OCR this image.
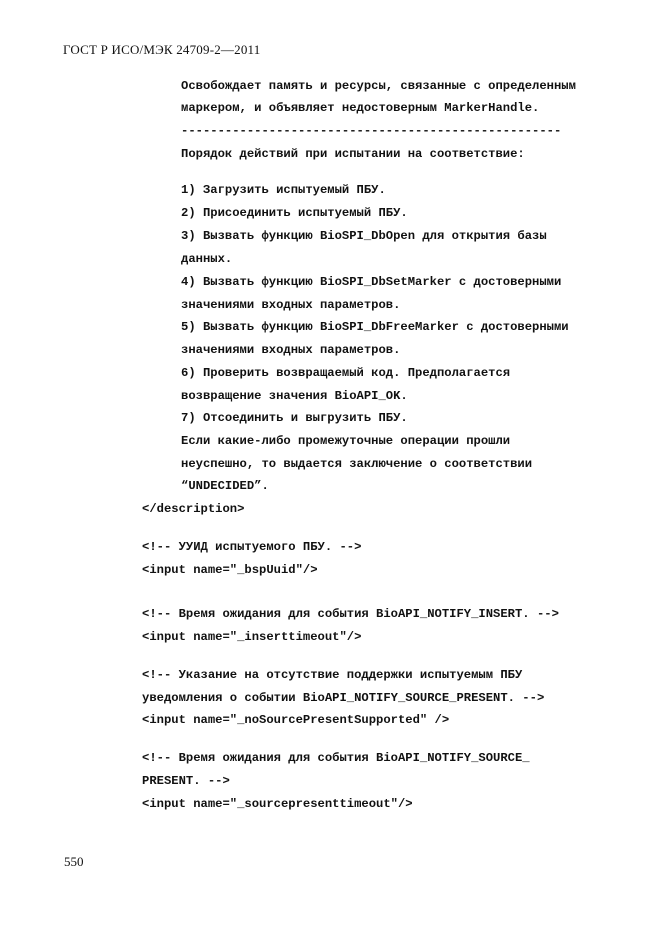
ГОСТ Р ИСО/МЭК 24709-2—2011
Освобождает память и ресурсы, связанные с определенным
маркером, и объявляет недостоверным MarkerHandle.
----------------------------------------------------
Порядок действий при испытании на соответствие:
1) Загрузить испытуемый ПБУ.
2) Присоединить испытуемый ПБУ.
3) Вызвать функцию BioSPI_DbOpen для открытия базы
данных.
4) Вызвать функцию BioSPI_DbSetMarker с достоверными
значениями входных параметров.
5) Вызвать функцию BioSPI_DbFreeMarker с достоверными
значениями входных параметров.
6) Проверить возвращаемый код. Предполагается
возвращение значения BioAPI_OK.
7) Отсоединить и выгрузить ПБУ.
Если какие-либо промежуточные операции прошли
неуспешно, то выдается заключение о соответствии
“UNDECIDED”.
</description>
<!-- УУИД испытуемого ПБУ. -->
<input name="_bspUuid"/>
<!-- Время ожидания для события BioAPI_NOTIFY_INSERT. -->
<input name="_inserttimeout"/>
<!-- Указание на отсутствие поддержки испытуемым ПБУ
уведомления о событии BioAPI_NOTIFY_SOURCE_PRESENT. -->
<input name="_noSourcePresentSupported" />
<!-- Время ожидания для события BioAPI_NOTIFY_SOURCE_
PRESENT. -->
<input name="_sourcepresenttimeout"/>
550
